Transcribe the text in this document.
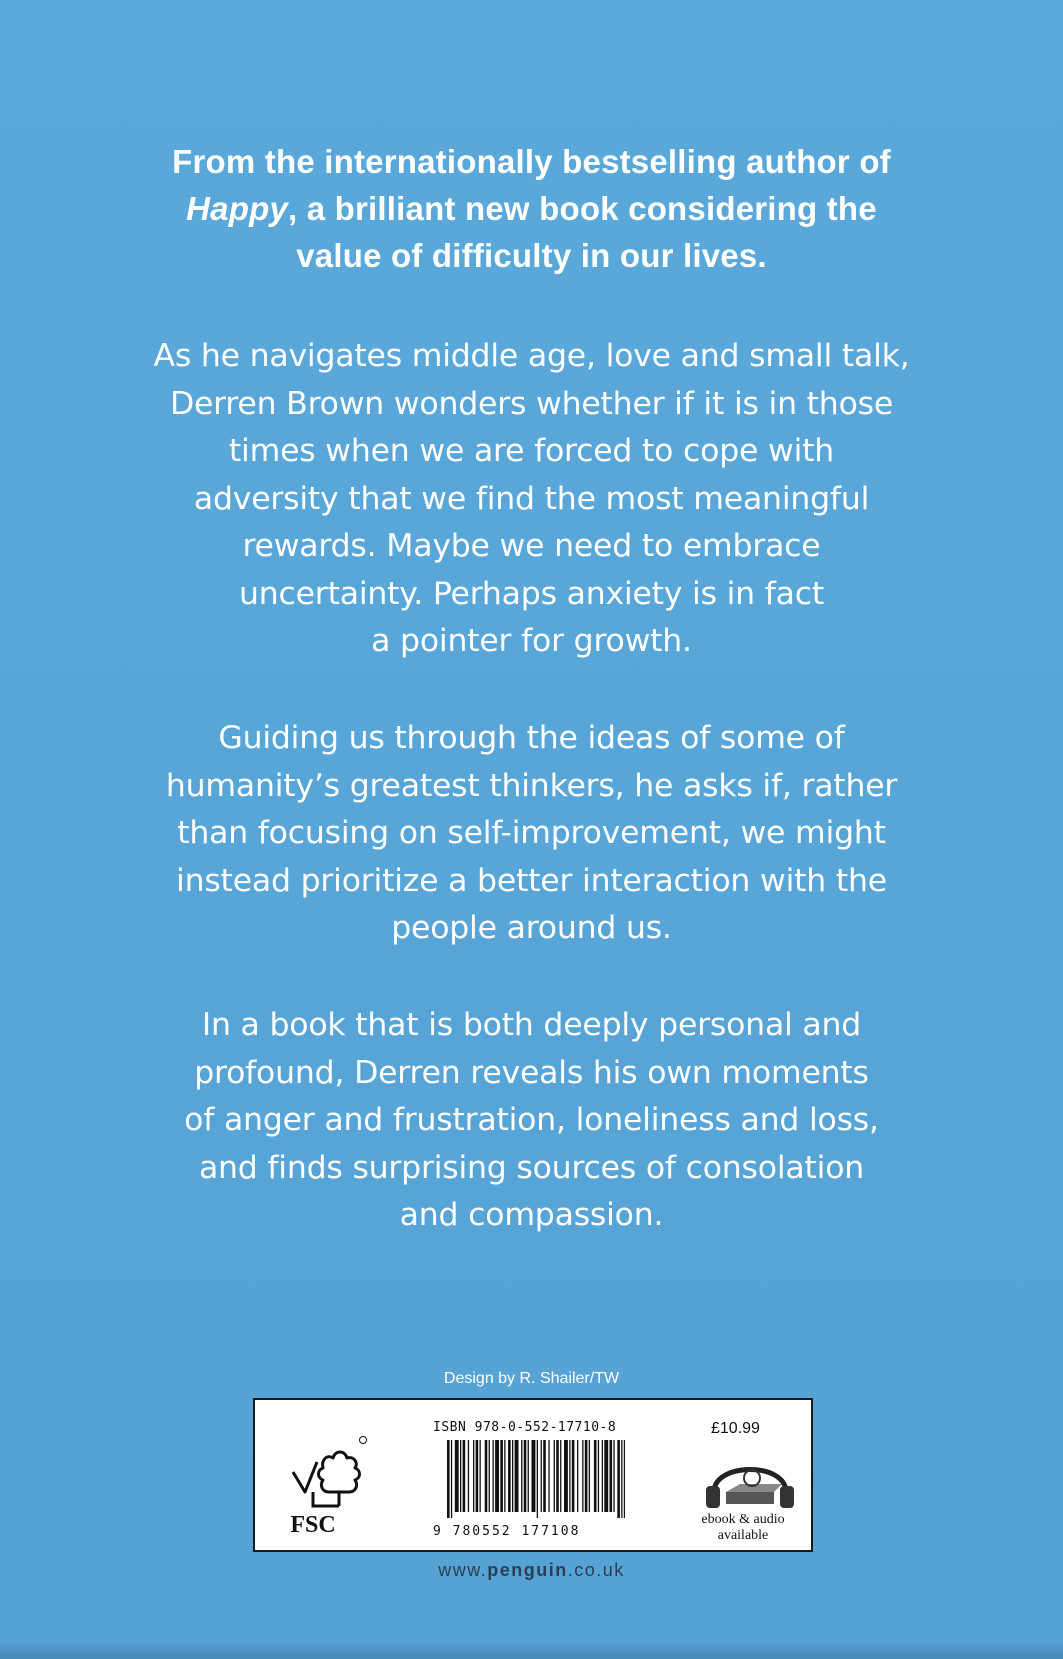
From the internationally bestselling author of
Happy, a brilliant new book considering the
value of difficulty in our lives.
As he navigates middle age, love and small talk,
Derren Brown wonders whether if it is in those
times when we are forced to cope with
adversity that we find the most meaningful
rewards. Maybe we need to embrace
uncertainty. Perhaps anxiety is in fact
a pointer for growth.
Guiding us through the ideas of some of
humanity’s greatest thinkers, he asks if, rather
than focusing on self-improvement, we might
instead prioritize a better interaction with the
people around us.
In a book that is both deeply personal and
profound, Derren reveals his own moments
of anger and frustration, loneliness and loss,
and finds surprising sources of consolation
and compassion.
Design by R. Shailer/TW
FSC
ISBN 978-0-552-17710-8
9 780552 177108
£10.99
ebook & audio
available
www.penguin.co.uk
